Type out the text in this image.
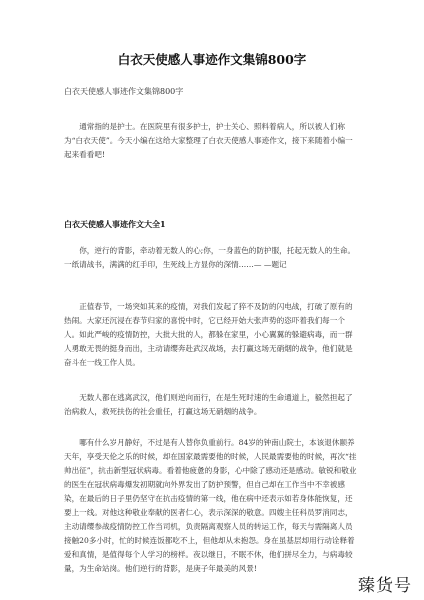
白衣天使感人事迹作文集锦800字
白衣天使感人事迹作文集锦800字

通常指的是护士。在医院里有很多护士，护士关心、照料着病人，所以被人们称为“白衣天使”。今天小编在这给大家整理了白衣天使感人事迹作文，接下来随着小编一起来看看吧!

白衣天使感人事迹作文大全1

你，逆行的背影，牵动着无数人的心;你，一身蓝色的防护服，托起无数人的生命。一纸请战书，满满的红手印，生死线上方显你的深情……— —题记

正值春节，一场突如其来的疫情，对我们发起了猝不及防的闪电战，打破了原有的热闹。大家还沉浸在春节归家的喜悦中时，它已经开始大张声势的恣吓着我们每一个人。如此严峻的疫情防控，大批大批的人，都躲在家里，小心翼翼的躲避病毒，而一群人勇敢无畏的挺身而出，主动请缨奔赴武汉战场，去打赢这场无硝烟的战争，他们就是奋斗在一线工作人员。

无数人都在逃离武汉，他们则逆向而行，在是生死时速的生命通道上，毅然担起了治病救人，救死扶伤的社会重任，打赢这场无硝烟的战争。

哪有什么岁月静好，不过是有人替你负重前行。84岁的钟南山院士，本该退休颐养天年，享受天伦之乐的时候，却在国家最需要他的时候，人民最需要他的时候，再次“挂帅出征”，抗击新型冠状病毒。看着他疲惫的身影，心中除了感动还是感动。敏锐和敬业的医生在冠状病毒爆发初期就向外界发出了防护预警，但自己却在工作当中不幸被感染，在最后的日子里仍坚守在抗击疫情的第一线，他在病中还表示如若身体能恢复，还要上一线。对他这种敬业奉献的医者仁心，表示深深的敬意。四嫂主任科员罗消同志，主动请缨参战疫情防控工作当司机，负责隔离观察人员的转运工作，每天与需隔离人员接触20多小时，忙的时候连饭都吃不上，但他却从未抱怨。身在虽基层却用行动诠释着爱和真情，是值得每个人学习的榜样。夜以继日，不眠不休，他们拼尽全力，与病毒较量，为生命站岗。他们逆行的背影，是庚子年最美的风景!

臻货号
